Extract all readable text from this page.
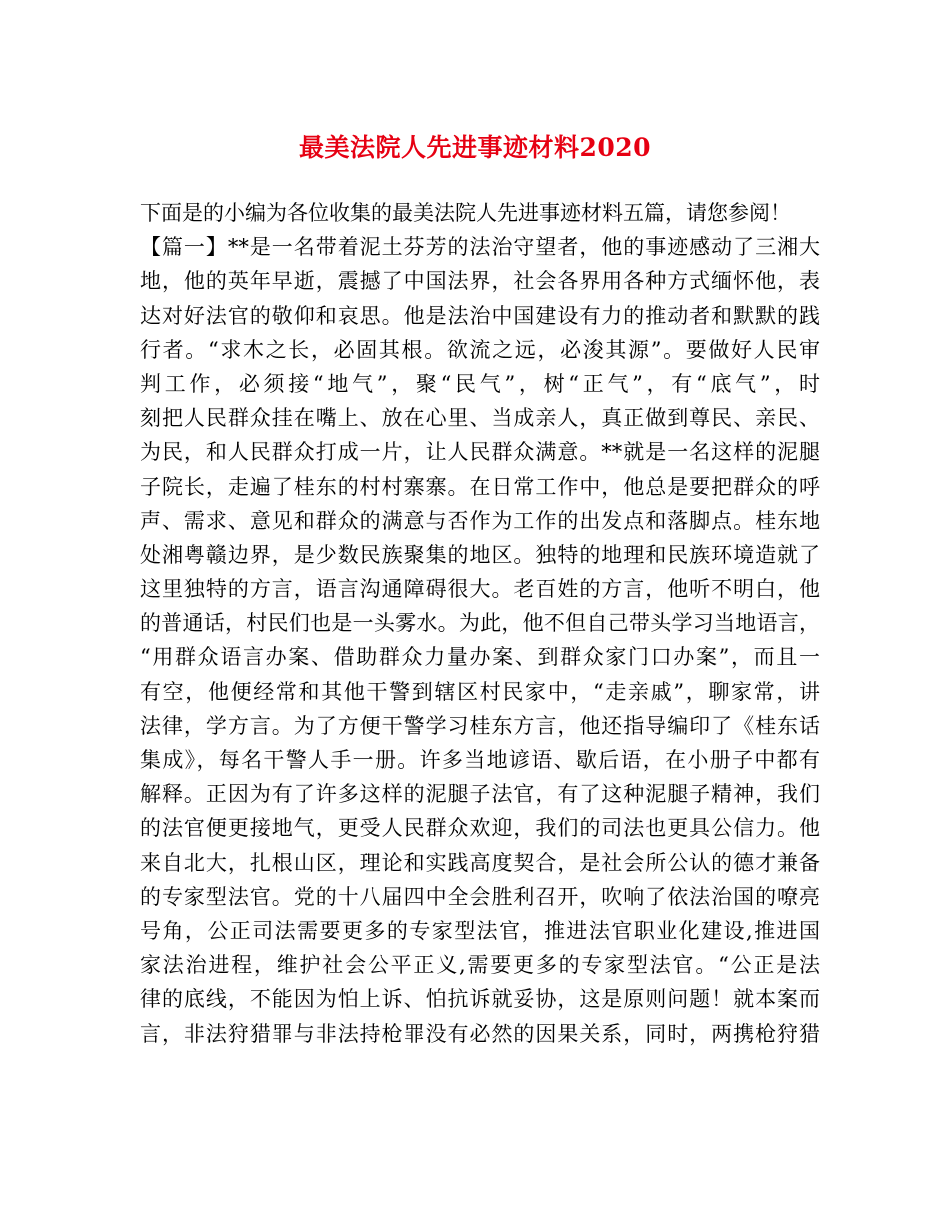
最美法院人先进事迹材料2020
下面是的小编为各位收集的最美法院人先进事迹材料五篇，请您参阅！
【篇一】**是一名带着泥土芬芳的法治守望者，他的事迹感动了三湘大
地，他的英年早逝，震撼了中国法界，社会各界用各种方式缅怀他，表
达对好法官的敬仰和哀思。他是法治中国建设有力的推动者和默默的践
行者。“求木之长，必固其根。欲流之远，必浚其源”。要做好人民审
判工作，必须接“地气”，聚“民气”，树“正气”，有“底气”，时
刻把人民群众挂在嘴上、放在心里、当成亲人，真正做到尊民、亲民、
为民，和人民群众打成一片，让人民群众满意。**就是一名这样的泥腿
子院长，走遍了桂东的村村寨寨。在日常工作中，他总是要把群众的呼
声、需求、意见和群众的满意与否作为工作的出发点和落脚点。桂东地
处湘粤赣边界，是少数民族聚集的地区。独特的地理和民族环境造就了
这里独特的方言，语言沟通障碍很大。老百姓的方言，他听不明白，他
的普通话，村民们也是一头雾水。为此，他不但自己带头学习当地语言，
“用群众语言办案、借助群众力量办案、到群众家门口办案”，而且一
有空，他便经常和其他干警到辖区村民家中，“走亲戚”，聊家常，讲
法律，学方言。为了方便干警学习桂东方言，他还指导编印了《桂东话
集成》，每名干警人手一册。许多当地谚语、歇后语，在小册子中都有
解释。正因为有了许多这样的泥腿子法官，有了这种泥腿子精神，我们
的法官便更接地气，更受人民群众欢迎，我们的司法也更具公信力。他
来自北大，扎根山区，理论和实践高度契合，是社会所公认的德才兼备
的专家型法官。党的十八届四中全会胜利召开，吹响了依法治国的嘹亮
号角，公正司法需要更多的专家型法官，推进法官职业化建设,推进国
家法治进程，维护社会公平正义,需要更多的专家型法官。“公正是法
律的底线，不能因为怕上诉、怕抗诉就妥协，这是原则问题！就本案而
言，非法狩猎罪与非法持枪罪没有必然的因果关系，同时，两携枪狩猎
